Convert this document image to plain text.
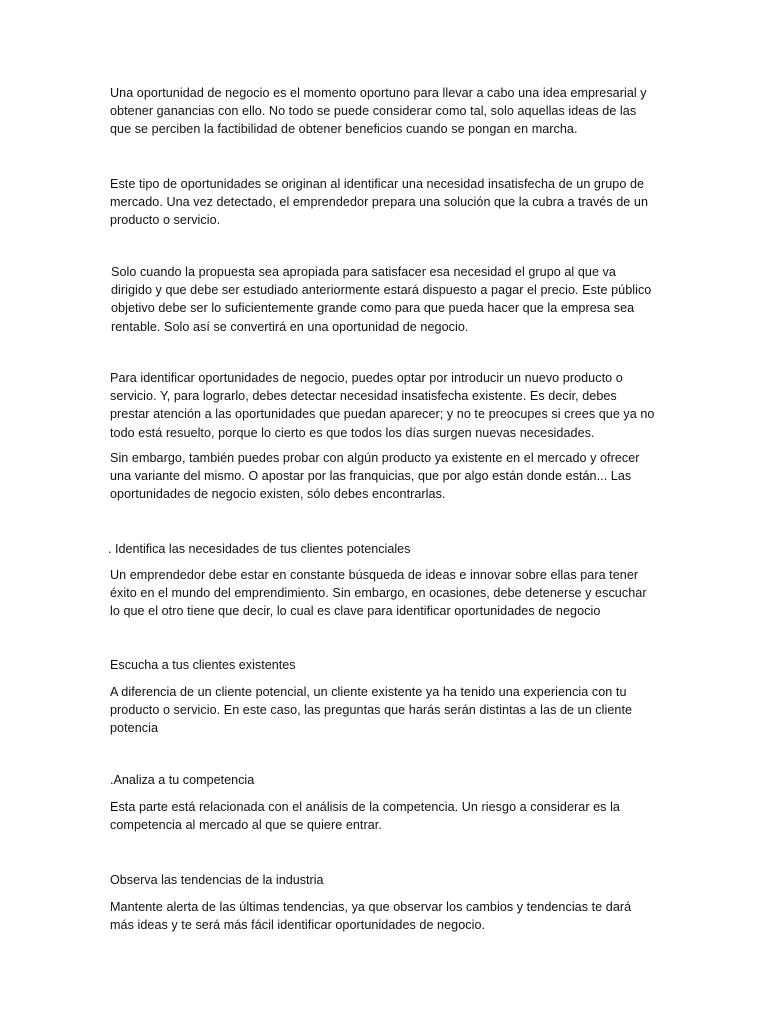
Una oportunidad de negocio es el momento oportuno para llevar a cabo una idea empresarial y obtener ganancias con ello. No todo se puede considerar como tal, solo aquellas ideas de las que se perciben la factibilidad de obtener beneficios cuando se pongan en marcha.

Este tipo de oportunidades se originan al identificar una necesidad insatisfecha de un grupo de mercado. Una vez detectado, el emprendedor prepara una solución que la cubra a través de un producto o servicio.

Solo cuando la propuesta sea apropiada para satisfacer esa necesidad el grupo al que va dirigido y que debe ser estudiado anteriormente estará dispuesto a pagar el precio. Este público objetivo debe ser lo suficientemente grande como para que pueda hacer que la empresa sea rentable. Solo así se convertirá en una oportunidad de negocio.

Para identificar oportunidades de negocio, puedes optar por introducir un nuevo producto o servicio. Y, para lograrlo, debes detectar necesidad insatisfecha existente. Es decir, debes prestar atención a las oportunidades que puedan aparecer; y no te preocupes si crees que ya no todo está resuelto, porque lo cierto es que todos los días surgen nuevas necesidades.

Sin embargo, también puedes probar con algún producto ya existente en el mercado y ofrecer una variante del mismo. O apostar por las franquicias, que por algo están donde están... Las oportunidades de negocio existen, sólo debes encontrarlas.

. Identifica las necesidades de tus clientes potenciales

Un emprendedor debe estar en constante búsqueda de ideas e innovar sobre ellas para tener éxito en el mundo del emprendimiento. Sin embargo, en ocasiones, debe detenerse y escuchar lo que el otro tiene que decir, lo cual es clave para identificar oportunidades de negocio

Escucha a tus clientes existentes

A diferencia de un cliente potencial, un cliente existente ya ha tenido una experiencia con tu producto o servicio. En este caso, las preguntas que harás serán distintas a las de un cliente potencia

.Analiza a tu competencia

Esta parte está relacionada con el análisis de la competencia. Un riesgo a considerar es la competencia al mercado al que se quiere entrar.

Observa las tendencias de la industria

Mantente alerta de las últimas tendencias, ya que observar los cambios y tendencias te dará más ideas y te será más fácil identificar oportunidades de negocio.
